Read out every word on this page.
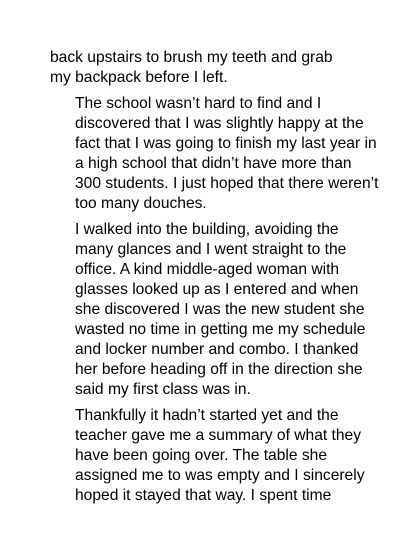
back upstairs to brush my teeth and grab
my backpack before I left.

The school wasn’t hard to find and I
discovered that I was slightly happy at the
fact that I was going to finish my last year in
a high school that didn’t have more than
300 students. I just hoped that there weren’t
too many douches.

I walked into the building, avoiding the
many glances and I went straight to the
office. A kind middle-aged woman with
glasses looked up as I entered and when
she discovered I was the new student she
wasted no time in getting me my schedule
and locker number and combo. I thanked
her before heading off in the direction she
said my first class was in.

Thankfully it hadn’t started yet and the
teacher gave me a summary of what they
have been going over. The table she
assigned me to was empty and I sincerely
hoped it stayed that way. I spent time
